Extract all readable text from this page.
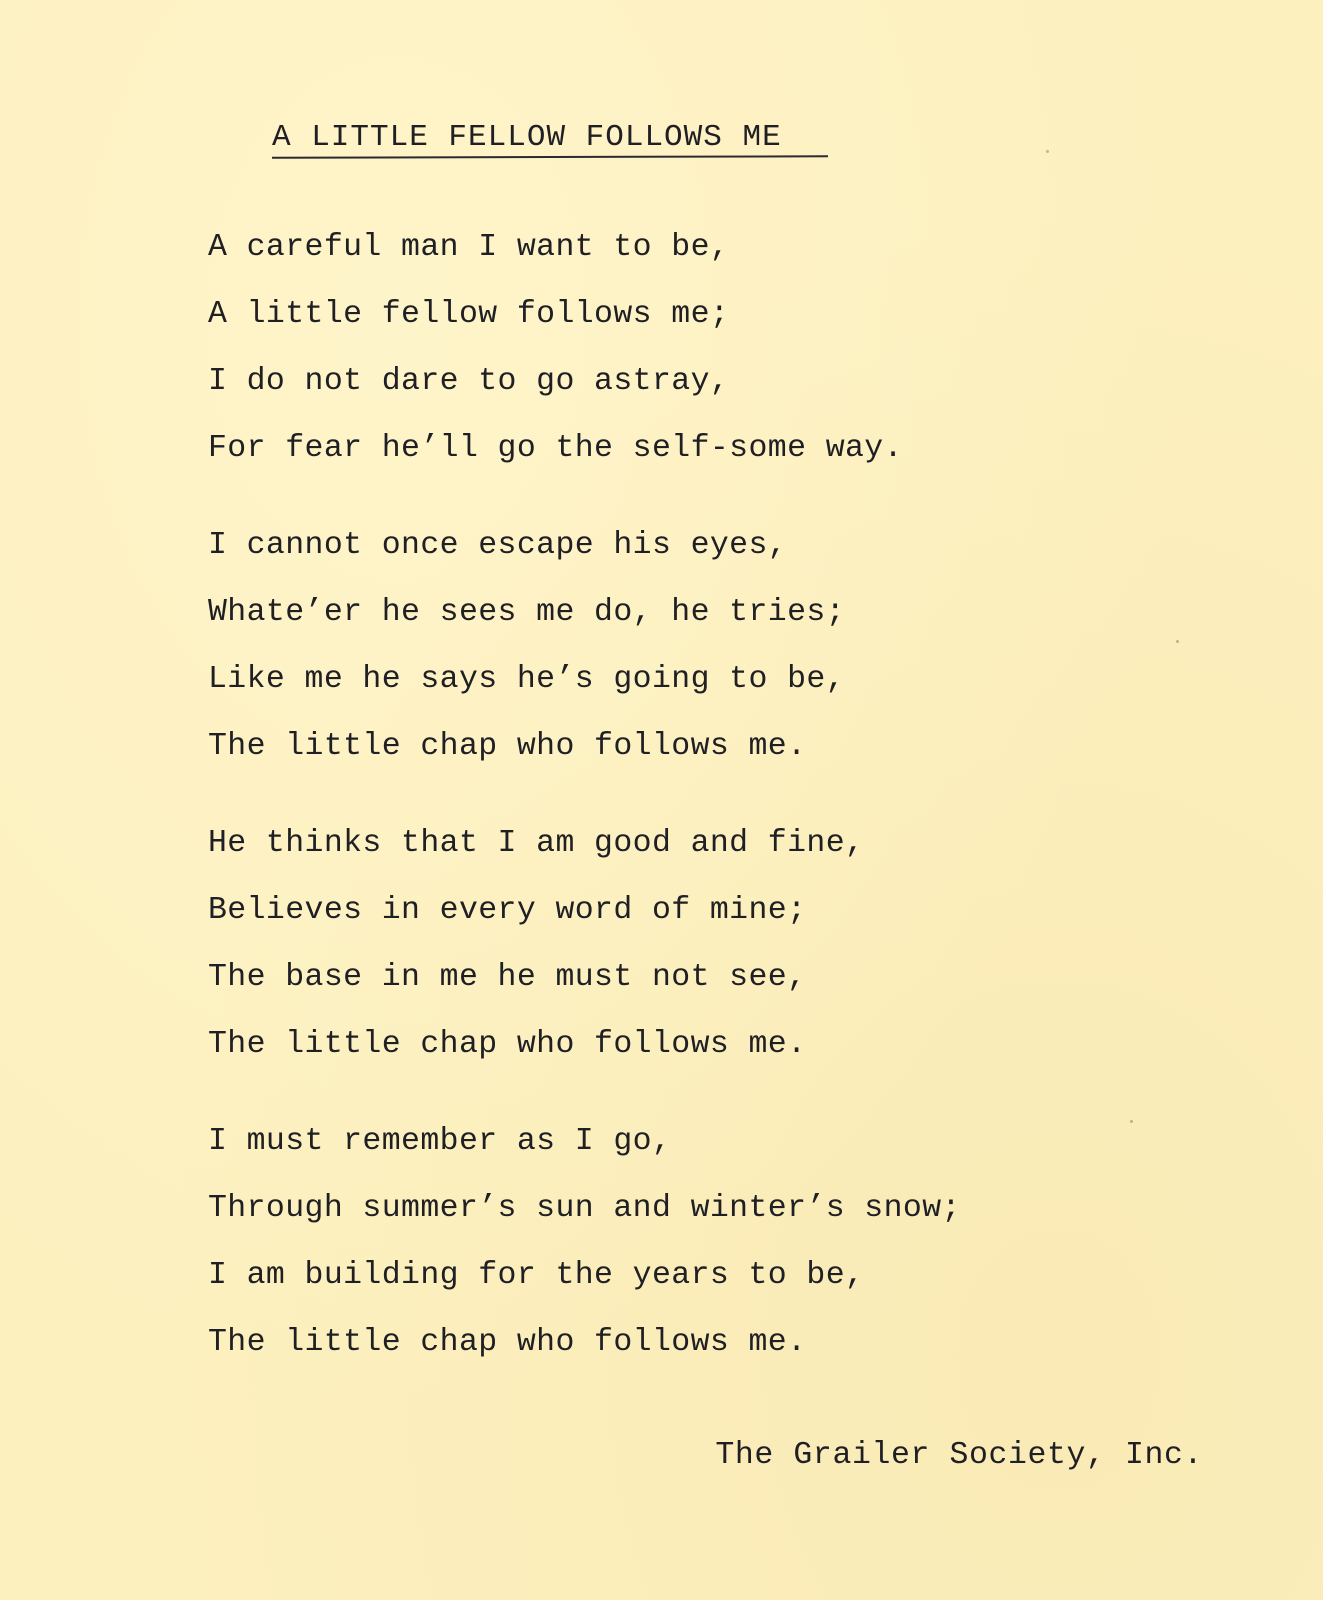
A LITTLE FELLOW FOLLOWS ME
A careful man I want to be,
A little fellow follows me;
I do not dare to go astray,
For fear he’ll go the self-some way.
I cannot once escape his eyes,
Whate’er he sees me do, he tries;
Like me he says he’s going to be,
The little chap who follows me.
He thinks that I am good and fine,
Believes in every word of mine;
The base in me he must not see,
The little chap who follows me.
I must remember as I go,
Through summer’s sun and winter’s snow;
I am building for the years to be,
The little chap who follows me.
The Grailer Society, Inc.
